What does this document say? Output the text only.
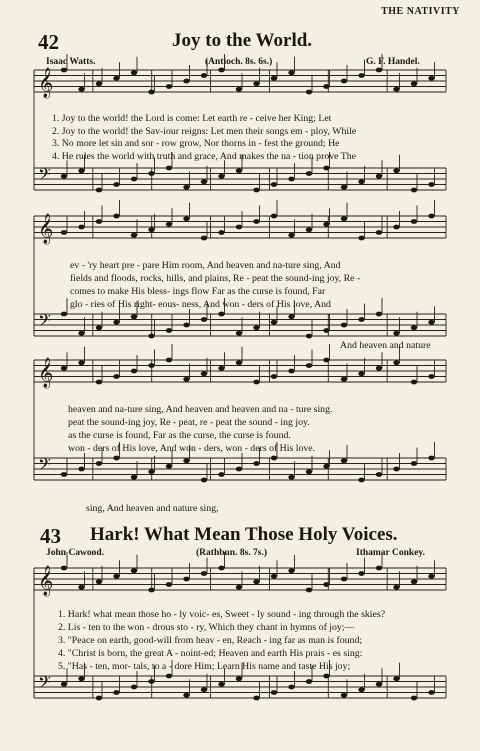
THE NATIVITY
42	Joy to the World.
Isaac Watts.	(Antioch. 8s. 6s.)	G. F. Handel.
𝄞
𝄞
𝄞
𝄞
𝄢
𝄢
𝄢
𝄢
1. Joy to the world! the Lord is come: Let earth re - ceive her King; Let
2. Joy to the world! the Sav-iour reigns: Let men their songs em - ploy, While
3. No more let sin and sor - row grow, Nor thorns in - fest the ground; He
4. He rules the world with truth and grace, And makes the na - tion prove The
ev - 'ry heart pre - pare Him room, And heaven and na-ture sing, And
fields and floods, rocks, hills, and plains, Re - peat the sound-ing joy, Re -
comes to make His bless- ings flow Far as the curse is found, Far
glo - ries of His right- eous- ness, And won - ders of His love, And
And heaven and nature
heaven and na-ture sing, And heaven and heaven and na - ture sing.
peat the sound-ing joy, Re - peat, re - peat the sound - ing joy.
as the curse is found, Far as the curse, the curse is found.
won - ders of His love, And won - ders, won - ders of His love.
sing, And heaven and nature sing,
43 Hark! What Mean Those Holy Voices.
John Cawood.	(Rathbun. 8s. 7s.)	Ithamar Conkey.
1. Hark! what mean those ho - ly voic- es, Sweet - ly sound - ing through the skies?
2. Lis - ten to the won - drous sto - ry, Which they chant in hymns of joy;—
3. "Peace on earth, good-will from heav - en, Reach - ing far as man is found;
4. "Christ is born, the great A - noint-ed; Heaven and earth His prais - es sing:
5. "Has - ten, mor- tals, to a - dore Him; Learn His name and taste His joy;
